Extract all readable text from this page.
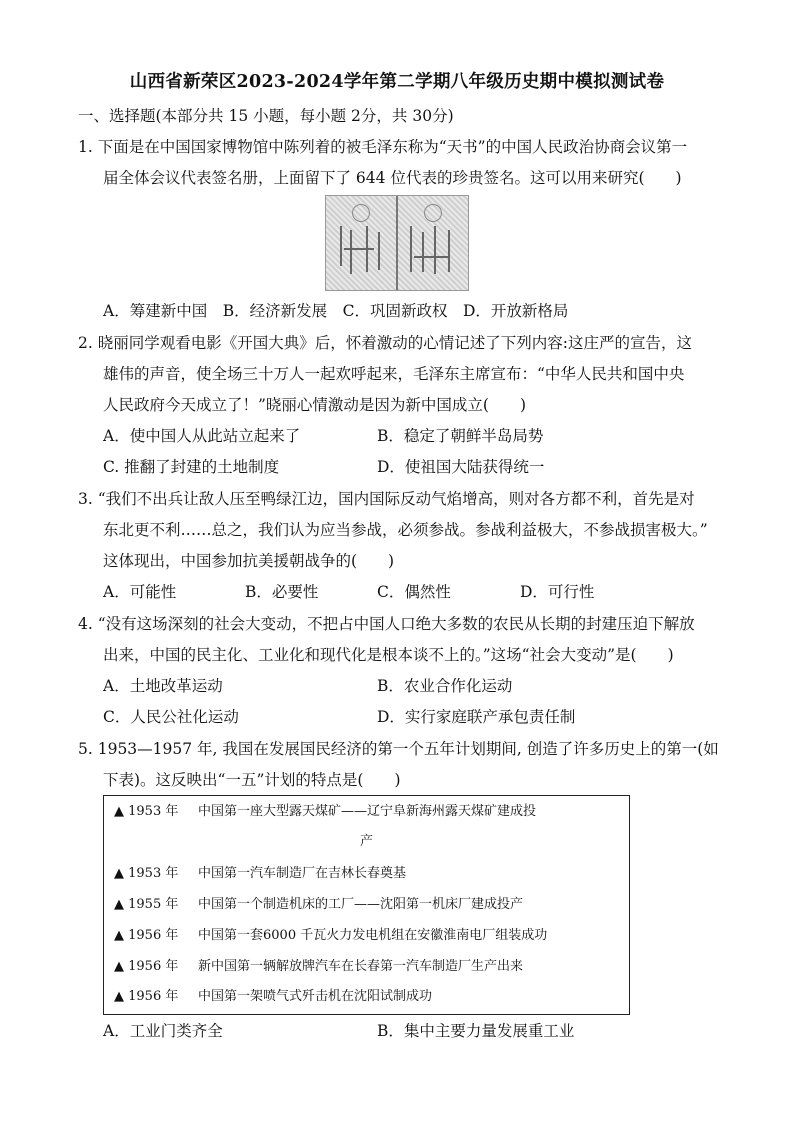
山西省新荣区2023-2024学年第二学期八年级历史期中模拟测试卷
一、选择题(本部分共 15 小题，每小题 2分，共 30分)
1. 下面是在中国国家博物馆中陈列着的被毛泽东称为“天书”的中国人民政治协商会议第一
届全体会议代表签名册，上面留下了 644 位代表的珍贵签名。这可以用来研究(　　)
A．筹建新中国　B．经济新发展　C．巩固新政权　D．开放新格局
2. 晓丽同学观看电影《开国大典》后，怀着激动的心情记述了下列内容:这庄严的宣告，这
雄伟的声音，使全场三十万人一起欢呼起来，毛泽东主席宣布：“中华人民共和国中央
人民政府今天成立了！”晓丽心情激动是因为新中国成立(　　)
A．使中国人从此站立起来了	B．稳定了朝鲜半岛局势
C. 推翻了封建的土地制度	D．使祖国大陆获得统一
3. “我们不出兵让敌人压至鸭绿江边，国内国际反动气焰增高，则对各方都不利，首先是对
东北更不利……总之，我们认为应当参战，必须参战。参战利益极大，不参战损害极大。”
这体现出，中国参加抗美援朝战争的(　　)
A．可能性	B．必要性	C．偶然性	D．可行性
4. “没有这场深刻的社会大变动，不把占中国人口绝大多数的农民从长期的封建压迫下解放
出来，中国的民主化、工业化和现代化是根本谈不上的。”这场“社会大变动”是(　　)
A．土地改革运动	B．农业合作化运动
C．人民公社化运动	D．实行家庭联产承包责任制
5. 1953—1957 年, 我国在发展国民经济的第一个五年计划期间, 创造了许多历史上的第一(如
下表)。这反映出“一五”计划的特点是(　　)
▲ 1953 年 中国第一座大型露天煤矿——辽宁阜新海州露天煤矿建成投
产
▲ 1953 年 中国第一汽车制造厂在吉林长春奠基
▲ 1955 年 中国第一个制造机床的工厂——沈阳第一机床厂建成投产
▲ 1956 年 中国第一套6000 千瓦火力发电机组在安徽淮南电厂组装成功
▲ 1956 年 新中国第一辆解放牌汽车在长春第一汽车制造厂生产出来
▲ 1956 年 中国第一架喷气式歼击机在沈阳试制成功
A．工业门类齐全	B．集中主要力量发展重工业
